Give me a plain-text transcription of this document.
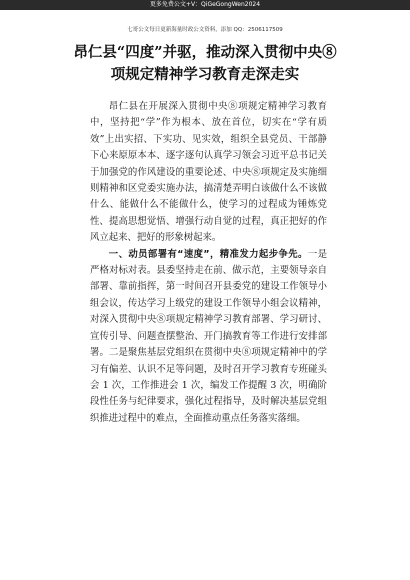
更多免费公文+V：QiGeGongWen2024
七哥公文每日更新海量时政公文资料，添加 QQ：2506117509
昂仁县“四度”并驱，推动深入贯彻中央⑧
项规定精神学习教育走深走实

昂仁县在开展深入贯彻中央⑧项规定精神学习教育中，坚持把“学”作为根本、放在首位，切实在“学有质效”上出实招、下实功、见实效，组织全县党员、干部静下心来原原本本、逐字逐句认真学习领会习近平总书记关于加强党的作风建设的重要论述、中央⑧项规定及实施细则精神和区党委实施办法，搞清楚弄明白该做什么不该做什么、能做什么不能做什么，使学习的过程成为锤炼党性、提高思想觉悟、增强行动自觉的过程，真正把好的作风立起来、把好的形象树起来。

一、动员部署有“速度”，精准发力起步争先。一是严格对标对表。县委坚持走在前、做示范，主要领导亲自部署、靠前指挥，第一时间召开县委党的建设工作领导小组会议，传达学习上级党的建设工作领导小组会议精神，对深入贯彻中央⑧项规定精神学习教育部署、学习研讨、宣传引导、问题查摆整治、开门搞教育等工作进行安排部署。二是聚焦基层党组织在贯彻中央⑧项规定精神中的学习有偏差、认识不足等问题，及时召开学习教育专班碰头会 1 次，工作推进会 1 次，编发工作提醒 3 次，明确阶段性任务与纪律要求，强化过程指导，及时解决基层党组织推进过程中的难点，全面推动重点任务落实落细。
